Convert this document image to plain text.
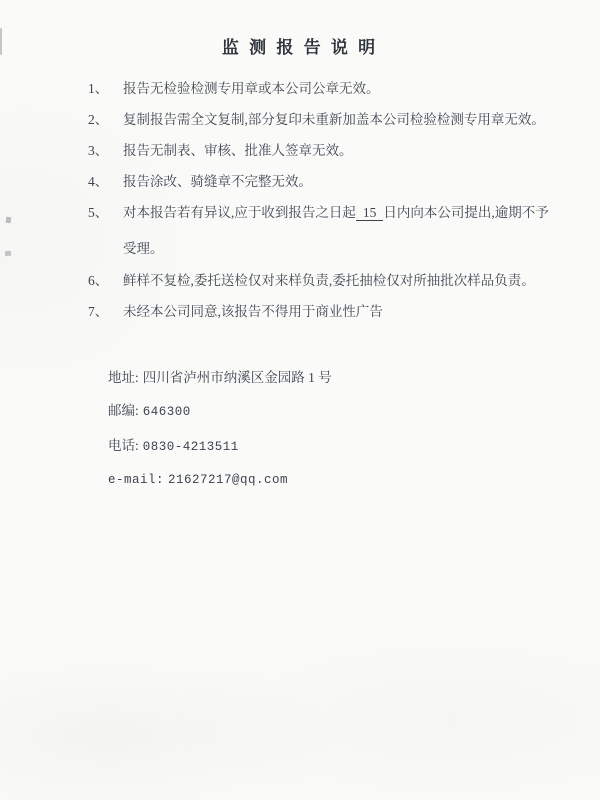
监 测 报 告 说 明
1、	报告无检验检测专用章或本公司公章无效。
2、	复制报告需全文复制,部分复印未重新加盖本公司检验检测专用章无效。
3、	报告无制表、审核、批准人签章无效。
4、	报告涂改、骑缝章不完整无效。
5、	对本报告若有异议,应于收到报告之日起 15 日内向本公司提出,逾期不予
受理。
6、	鲜样不复检,委托送检仅对来样负责,委托抽检仅对所抽批次样品负责。
7、	未经本公司同意,该报告不得用于商业性广告
地址: 四川省泸州市纳溪区金园路 1 号
邮编: 646300
电话: 0830-4213511
e-mail: 21627217@qq.com
